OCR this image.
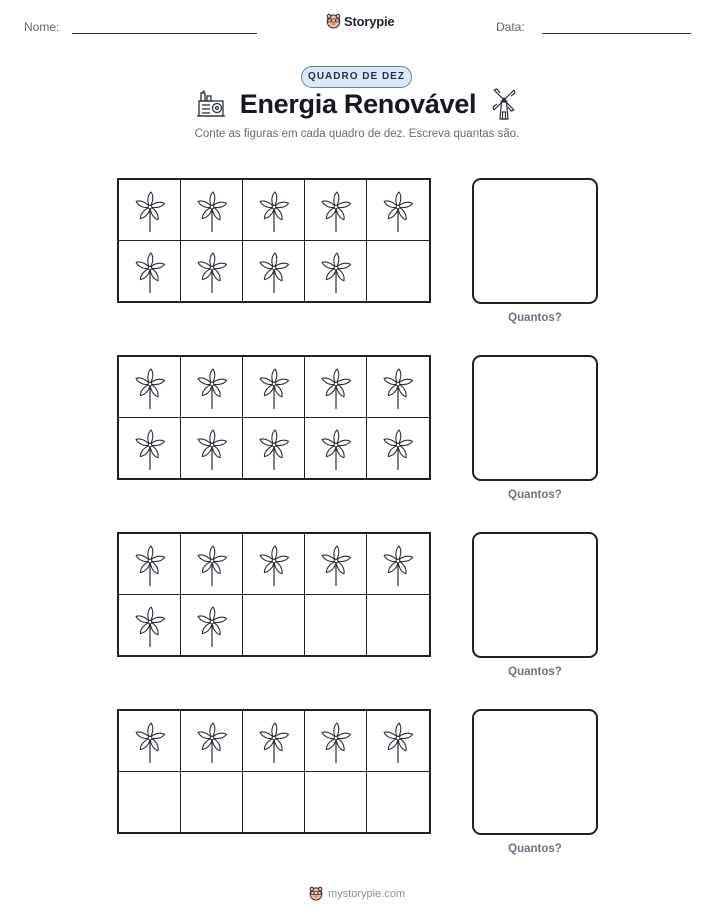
Nome:	Storypie	Data:
QUADRO DE DEZ
Energia Renovável
Conte as figuras em cada quadro de dez. Escreva quantas são.
Quantos?
Quantos?
Quantos?
Quantos?
mystorypie.com
